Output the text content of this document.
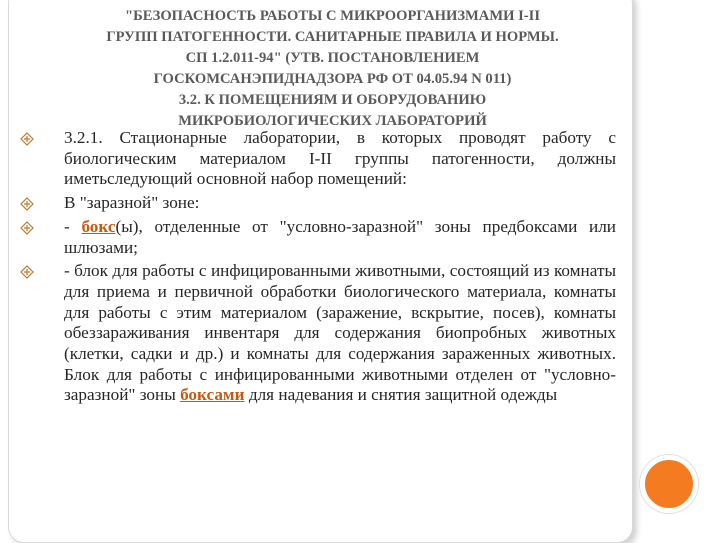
"БЕЗОПАСНОСТЬ РАБОТЫ С МИКРООРГАНИЗМАМИ I-II
ГРУПП ПАТОГЕННОСТИ. САНИТАРНЫЕ ПРАВИЛА И НОРМЫ.
СП 1.2.011-94" (УТВ. ПОСТАНОВЛЕНИЕМ
ГОСКОМСАНЭПИДНАДЗОРА РФ ОТ 04.05.94 N 011)
3.2. К ПОМЕЩЕНИЯМ И ОБОРУДОВАНИЮ
МИКРОБИОЛОГИЧЕСКИХ ЛАБОРАТОРИЙ
3.2.1. Стационарные лаборатории, в которых проводят работу с биологическим материалом I-II группы патогенности, должны иметьследующий основной набор помещений:
В "заразной" зоне:
- бокс(ы), отделенные от "условно-заразной" зоны предбоксами или шлюзами;
- блок для работы с инфицированными животными, состоящий из комнаты для приема и первичной обработки биологического материала, комнаты для работы с этим материалом (заражение, вскрытие, посев), комнаты обеззараживания инвентаря для содержания биопробных животных (клетки, садки и др.) и комнаты для содержания зараженных животных. Блок для работы с инфицированными животными отделен от "условно-заразной" зоны боксами для надевания и снятия защитной одежды
